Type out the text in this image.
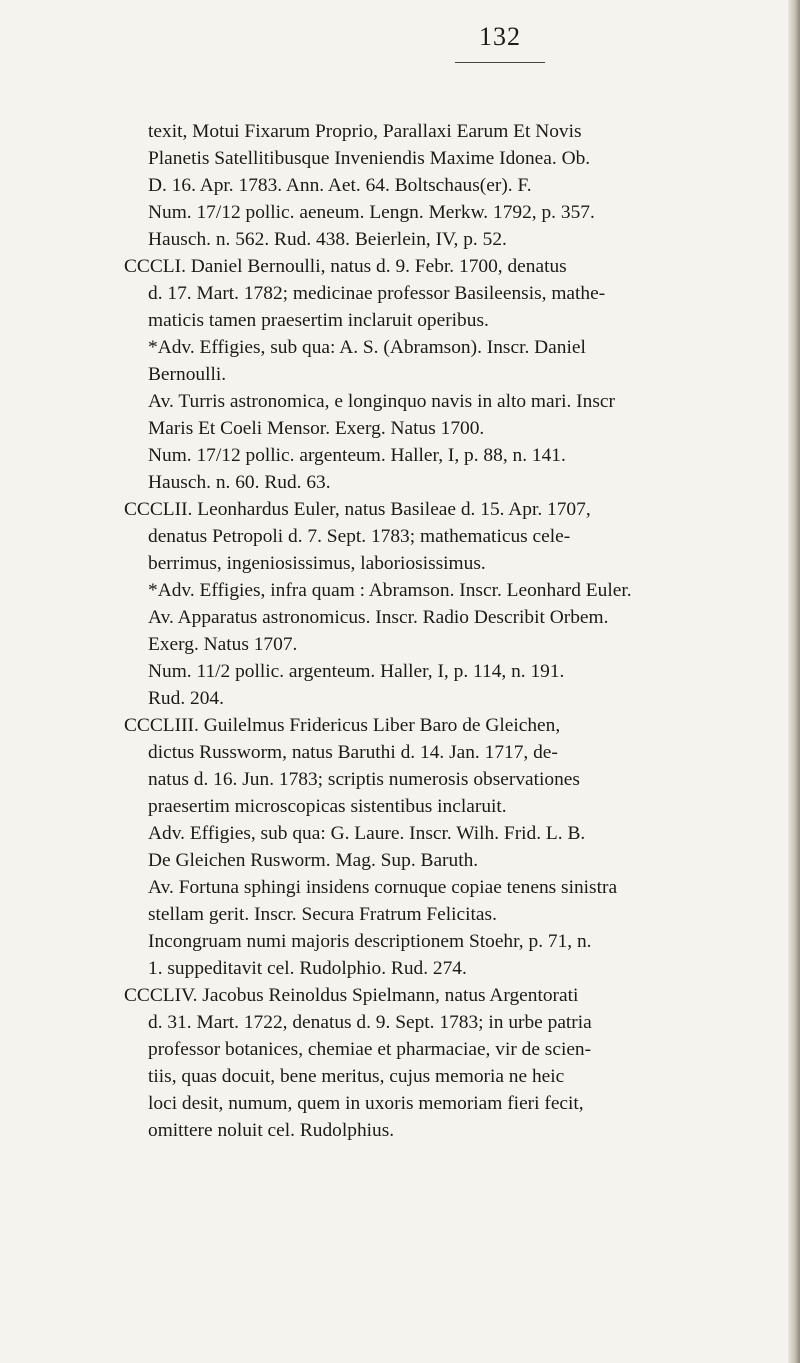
132
texit, Motui Fixarum Proprio, Parallaxi Earum Et Novis
Planetis Satellitibusque Inveniendis Maxime Idonea. Ob.
D. 16. Apr. 1783. Ann. Aet. 64. Boltschaus(er). F.
Num. 17/12 pollic. aeneum. Lengn. Merkw. 1792, p. 357.
Hausch. n. 562. Rud. 438. Beierlein, IV, p. 52.
CCCLI. Daniel Bernoulli, natus d. 9. Febr. 1700, denatus
d. 17. Mart. 1782; medicinae professor Basileensis, mathe-
maticis tamen praesertim inclaruit operibus.
*Adv. Effigies, sub qua: A. S. (Abramson). Inscr. Daniel
Bernoulli.
Av. Turris astronomica, e longinquo navis in alto mari. Inscr
Maris Et Coeli Mensor. Exerg. Natus 1700.
Num. 17/12 pollic. argenteum. Haller, I, p. 88, n. 141.
Hausch. n. 60. Rud. 63.
CCCLII. Leonhardus Euler, natus Basileae d. 15. Apr. 1707,
denatus Petropoli d. 7. Sept. 1783; mathematicus cele-
berrimus, ingeniosissimus, laboriosissimus.
*Adv. Effigies, infra quam : Abramson. Inscr. Leonhard Euler.
Av. Apparatus astronomicus. Inscr. Radio Describit Orbem.
Exerg. Natus 1707.
Num. 11/2 pollic. argenteum. Haller, I, p. 114, n. 191.
Rud. 204.
CCCLIII. Guilelmus Fridericus Liber Baro de Gleichen,
dictus Russworm, natus Baruthi d. 14. Jan. 1717, de-
natus d. 16. Jun. 1783; scriptis numerosis observationes
praesertim microscopicas sistentibus inclaruit.
Adv. Effigies, sub qua: G. Laure. Inscr. Wilh. Frid. L. B.
De Gleichen Rusworm. Mag. Sup. Baruth.
Av. Fortuna sphingi insidens cornuque copiae tenens sinistra
stellam gerit. Inscr. Secura Fratrum Felicitas.
Incongruam numi majoris descriptionem Stoehr, p. 71, n.
1. suppeditavit cel. Rudolphio. Rud. 274.
CCCLIV. Jacobus Reinoldus Spielmann, natus Argentorati
d. 31. Mart. 1722, denatus d. 9. Sept. 1783; in urbe patria
professor botanices, chemiae et pharmaciae, vir de scien-
tiis, quas docuit, bene meritus, cujus memoria ne heic
loci desit, numum, quem in uxoris memoriam fieri fecit,
omittere noluit cel. Rudolphius.
